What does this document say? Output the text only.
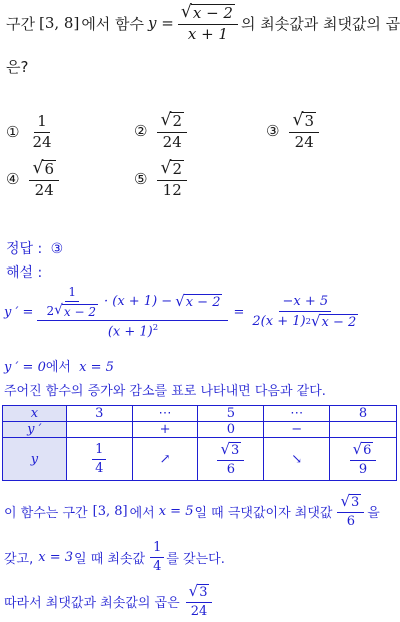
구간 [3, 8] 에서 함수 $y = \frac{√ x - 2}{x + 1}$ 의 최솟값과 최댓값의 곱
은?
① $\frac{1}{24}$	② $\frac{√ 2}{24}$	③ $\frac{√ 3}{24}$
④ $\frac{√ 6}{24}$	⑤ $\frac{√ 2}{12}$
정답 : ③
해설 :
y ′ = $\frac{\frac{1}{2 √ x - 2} \cdot (x + 1) - √ x - 2}{(x + 1)^2} = \frac{-x + 5}{2(x + 1) 2 √ x - 2}$
y ′ = 0에서 x = 5
주어진 함수의 증가와 감소를 표로 나타내면 다음과 같다.
x	3	⋯	5	⋯	8
y ′		+	0	−	
y	$\frac{1}{4}$	↗	$\frac{√ 3}{6}$	↘	$\frac{√ 6}{9}$
이 함수는 구간 [3, 8] 에서 x = 5 일 때 극댓값이자 최댓값 $\frac{√ 3}{6}$ 을
갖고, x = 3 일 때 최솟값 $\frac{1}{4}$ 를 갖는다.
따라서 최댓값과 최솟값의 곱은 $\frac{√ 3}{24}$
